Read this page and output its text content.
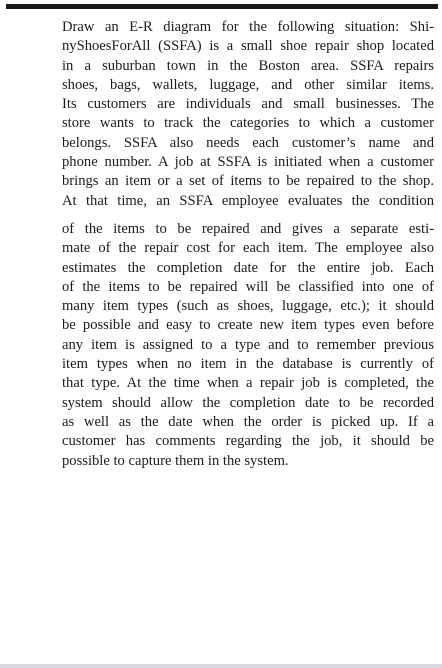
Draw an E-R diagram for the following situation: Shi-
nyShoesForAll (SSFA) is a small shoe repair shop located
in a suburban town in the Boston area. SSFA repairs
shoes, bags, wallets, luggage, and other similar items.
Its customers are individuals and small businesses. The
store wants to track the categories to which a customer
belongs. SSFA also needs each customer’s name and
phone number. A job at SSFA is initiated when a customer
brings an item or a set of items to be repaired to the shop.
At that time, an SSFA employee evaluates the condition
of the items to be repaired and gives a separate esti-
mate of the repair cost for each item. The employee also
estimates the completion date for the entire job. Each
of the items to be repaired will be classified into one of
many item types (such as shoes, luggage, etc.); it should
be possible and easy to create new item types even before
any item is assigned to a type and to remember previous
item types when no item in the database is currently of
that type. At the time when a repair job is completed, the
system should allow the completion date to be recorded
as well as the date when the order is picked up. If a
customer has comments regarding the job, it should be
possible to capture them in the system.
